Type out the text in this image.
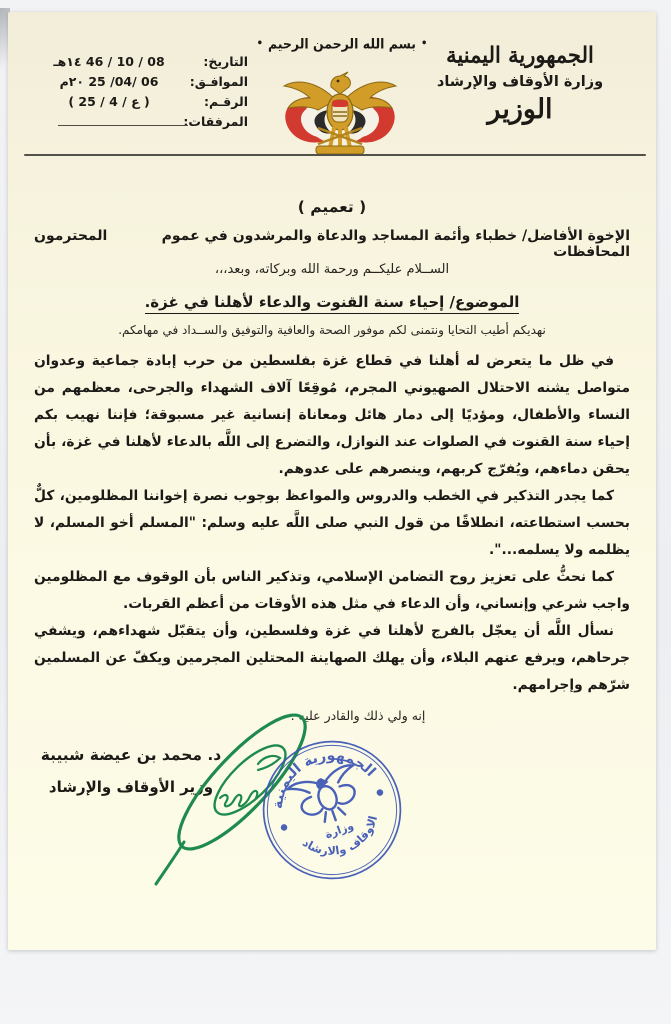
الجمهورية اليمنية
وزارة الأوقاف والإرشاد
الوزير
•بسم الله الرحمن الرحيم•
التاريخ:
08 / 10 / 46 ١٤هـ
الموافـق:
06 /04/ 25 ٢٠م
الرقـم:
( ع / 4 / 25 )
المرفقات:
( تعميم )
الإخوة الأفاضل/ خطباء وأئمة المساجد والدعاة والمرشدون في عموم المحافظات
المحترمون
الســلام عليكــم ورحمة الله وبركاته، وبعد،،،
الموضوع/ إحياء سنة القنوت والدعاء لأهلنا في غزة.
نهديكم أطيب التحايا ونتمنى لكم موفور الصحة والعافية والتوفيق والســداد في مهامكم.

في ظل ما يتعرض له أهلنا في قطاع غزة بفلسطين من حرب إبادة جماعية وعدوان متواصل يشنه الاحتلال الصهيوني المجرم، مُوقِعًا آلاف الشهداء والجرحى، معظمهم من النساء والأطفال، ومؤديًا إلى دمار هائل ومعاناة إنسانية غير مسبوقة؛ فإننا نهيب بكم إحياء سنة القنوت في الصلوات عند النوازل، والتضرع إلى اللَّه بالدعاء لأهلنا في غزة، بأن يحقن دماءهم، ويُفرّج كربهم، وينصرهم على عدوهم.

كما يجدر التذكير في الخطب والدروس والمواعظ بوجوب نصرة إخواننا المظلومين، كلٌّ بحسب استطاعته، انطلاقًا من قول النبي صلى اللَّه عليه وسلم: "المسلم أخو المسلم، لا يظلمه ولا يسلمه...".

كما نحثُّ على تعزيز روح التضامن الإسلامي، وتذكير الناس بأن الوقوف مع المظلومين واجب شرعي وإنساني، وأن الدعاء في مثل هذه الأوقات من أعظم القربات.

نسأل اللَّه أن يعجّل بالفرج لأهلنا في غزة وفلسطين، وأن يتقبّل شهداءهم، ويشفي جرحاهم، ويرفع عنهم البلاء، وأن يهلك الصهاينة المحتلين المجرمين ويكفّ عن المسلمين شرّهم وإجرامهم.

إنه ولي ذلك والقادر عليه .
د. محمد بن عيضة شبيبة
وزير الأوقاف والإرشاد
الجمهورية اليمنية
الاوقاف والارشاد
وزارة
